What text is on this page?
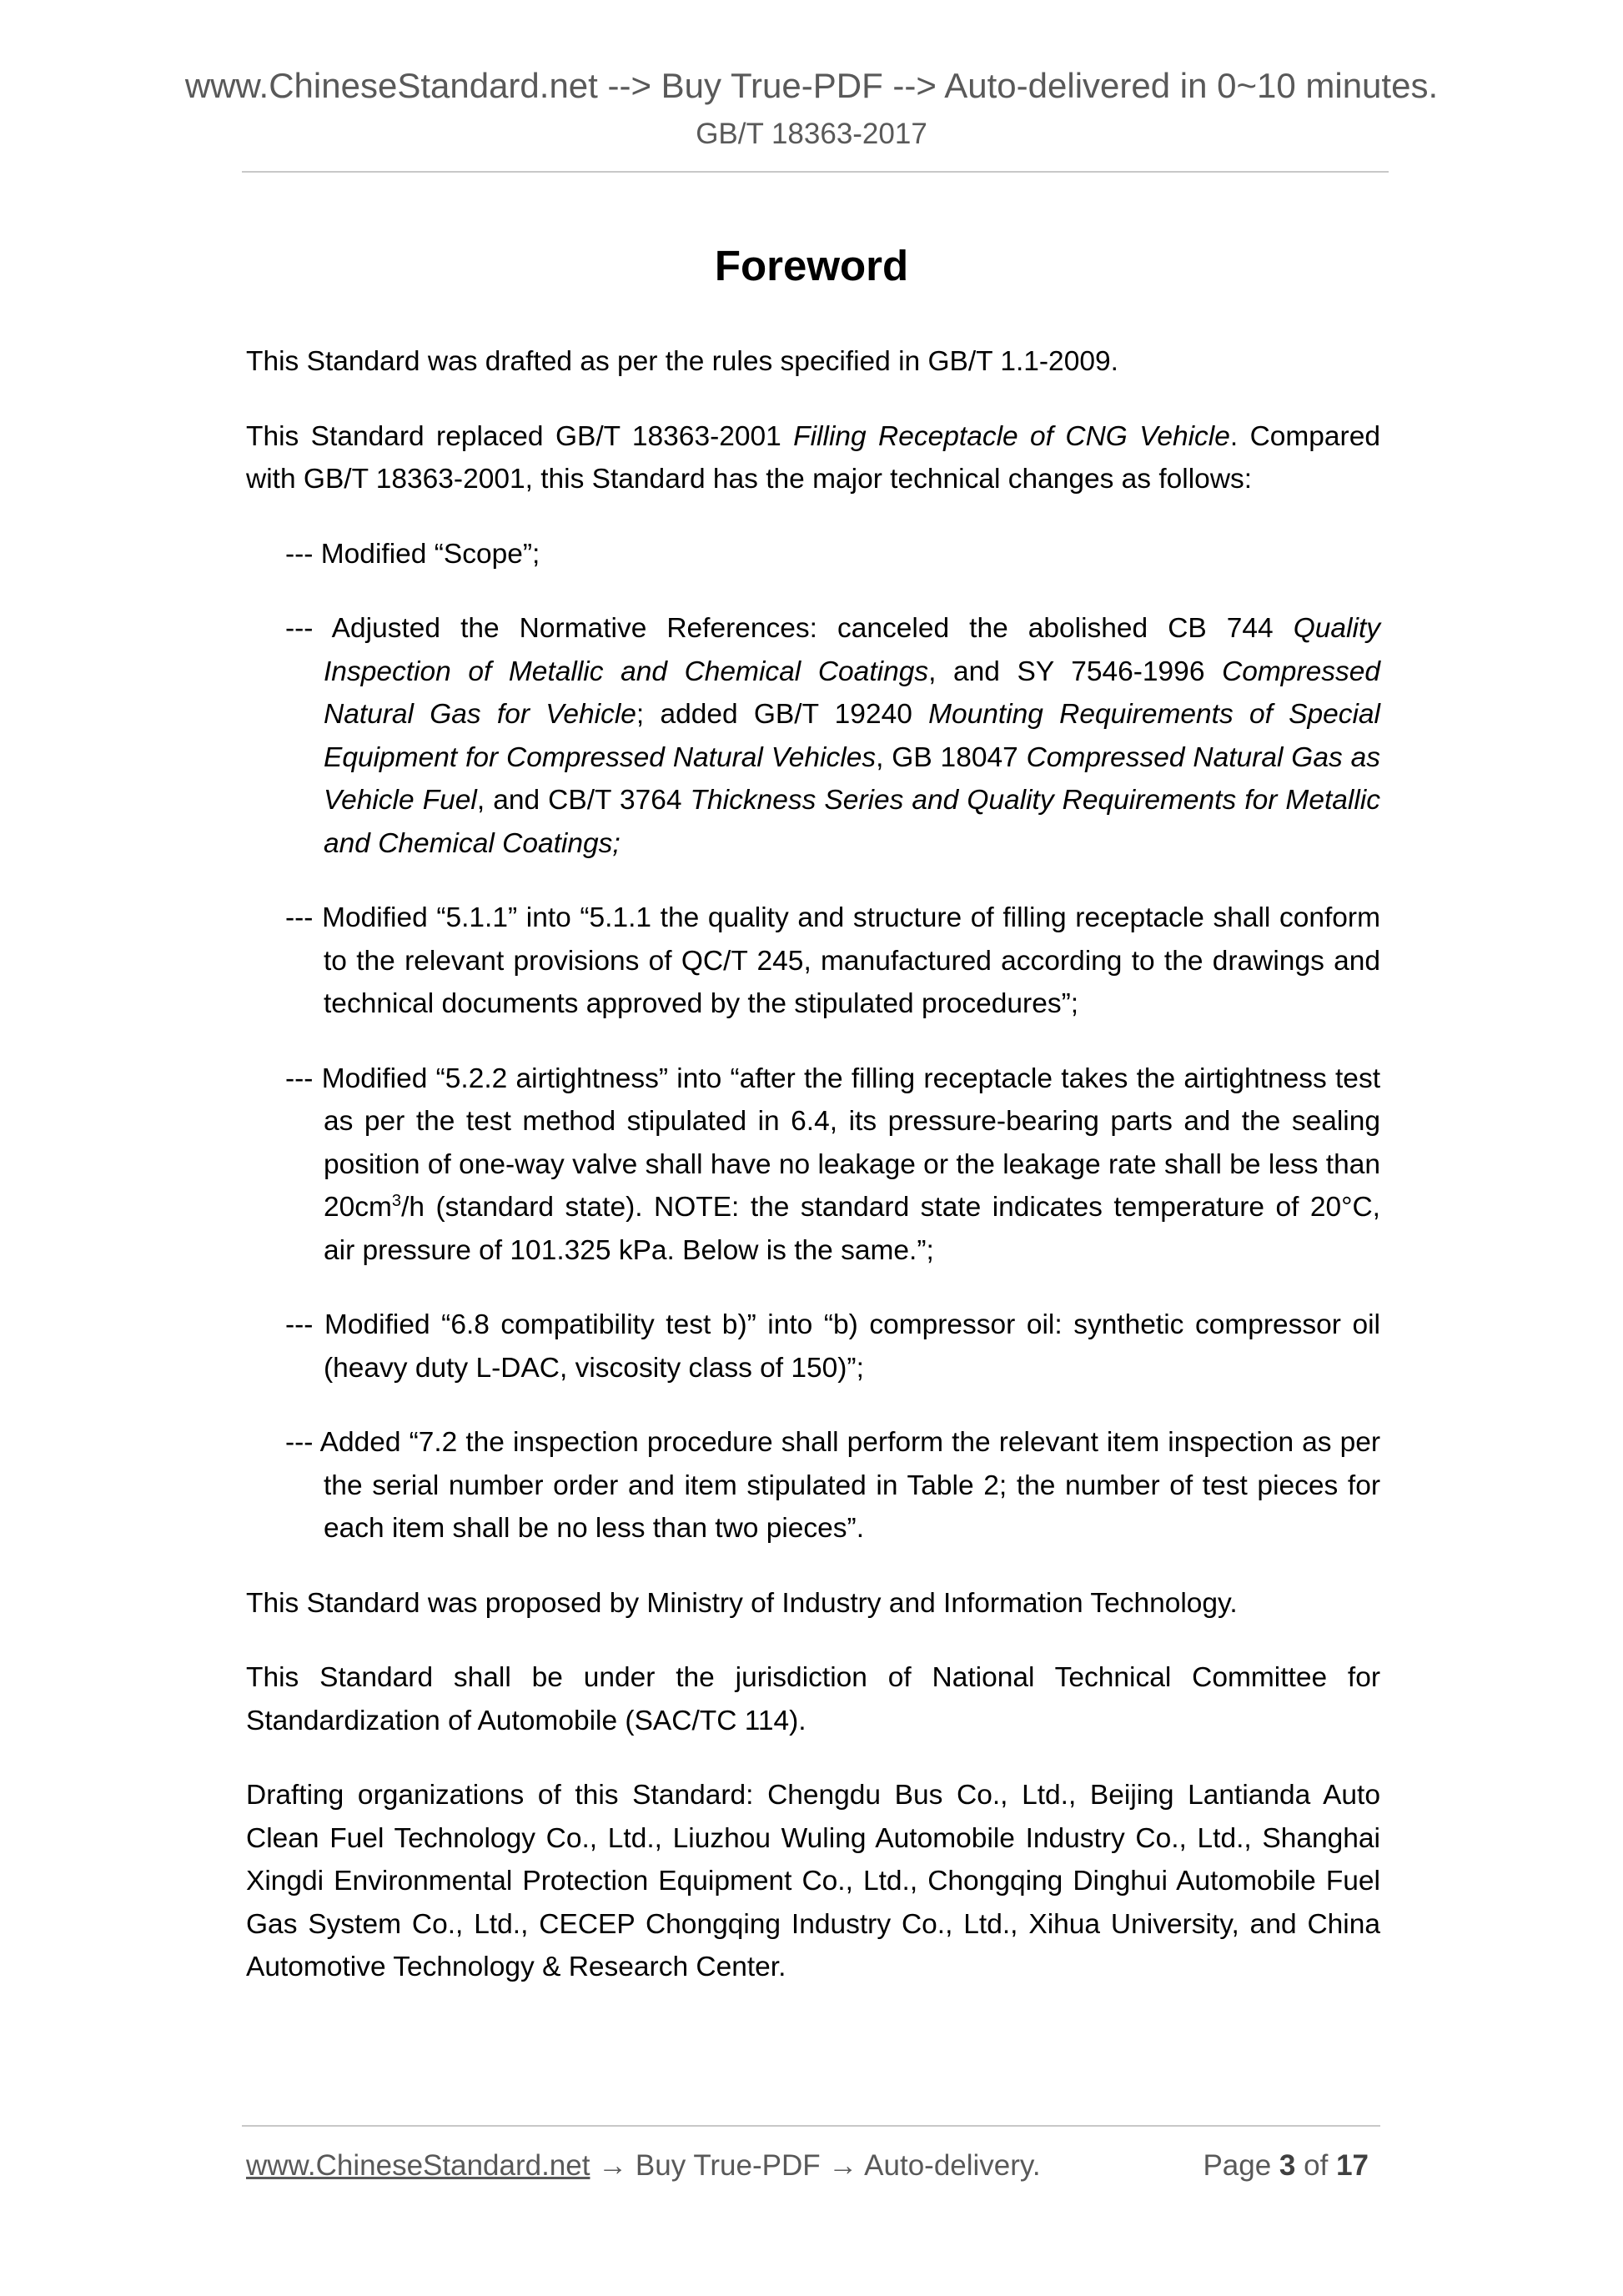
www.ChineseStandard.net --> Buy True-PDF --> Auto-delivered in 0~10 minutes.
GB/T 18363-2017
Foreword

This Standard was drafted as per the rules specified in GB/T 1.1-2009.

This Standard replaced GB/T 18363-2001 Filling Receptacle of CNG Vehicle. Compared with GB/T 18363-2001, this Standard has the major technical changes as follows:

--- Modified “Scope”;

--- Adjusted the Normative References: canceled the abolished CB 744 Quality Inspection of Metallic and Chemical Coatings, and SY 7546-1996 Compressed Natural Gas for Vehicle; added GB/T 19240 Mounting Requirements of Special Equipment for Compressed Natural Vehicles, GB 18047 Compressed Natural Gas as Vehicle Fuel, and CB/T 3764 Thickness Series and Quality Requirements for Metallic and Chemical Coatings;

--- Modified “5.1.1” into “5.1.1 the quality and structure of filling receptacle shall conform to the relevant provisions of QC/T 245, manufactured according to the drawings and technical documents approved by the stipulated procedures”;

--- Modified “5.2.2 airtightness” into “after the filling receptacle takes the airtightness test as per the test method stipulated in 6.4, its pressure-bearing parts and the sealing position of one-way valve shall have no leakage or the leakage rate shall be less than $20cm^3/h$ (standard state). NOTE: the standard state indicates temperature of 20°C, air pressure of 101.325 kPa. Below is the same.”;

--- Modified “6.8 compatibility test b)” into “b) compressor oil: synthetic compressor oil (heavy duty L-DAC, viscosity class of 150)”;

--- Added “7.2 the inspection procedure shall perform the relevant item inspection as per the serial number order and item stipulated in Table 2; the number of test pieces for each item shall be no less than two pieces”.

This Standard was proposed by Ministry of Industry and Information Technology.

This Standard shall be under the jurisdiction of National Technical Committee for Standardization of Automobile (SAC/TC 114).

Drafting organizations of this Standard: Chengdu Bus Co., Ltd., Beijing Lantianda Auto Clean Fuel Technology Co., Ltd., Liuzhou Wuling Automobile Industry Co., Ltd., Shanghai Xingdi Environmental Protection Equipment Co., Ltd., Chongqing Dinghui Automobile Fuel Gas System Co., Ltd., CECEP Chongqing Industry Co., Ltd., Xihua University, and China Automotive Technology & Research Center.

www.ChineseStandard.net → Buy True-PDF → Auto-delivery.	Page 3 of 17
